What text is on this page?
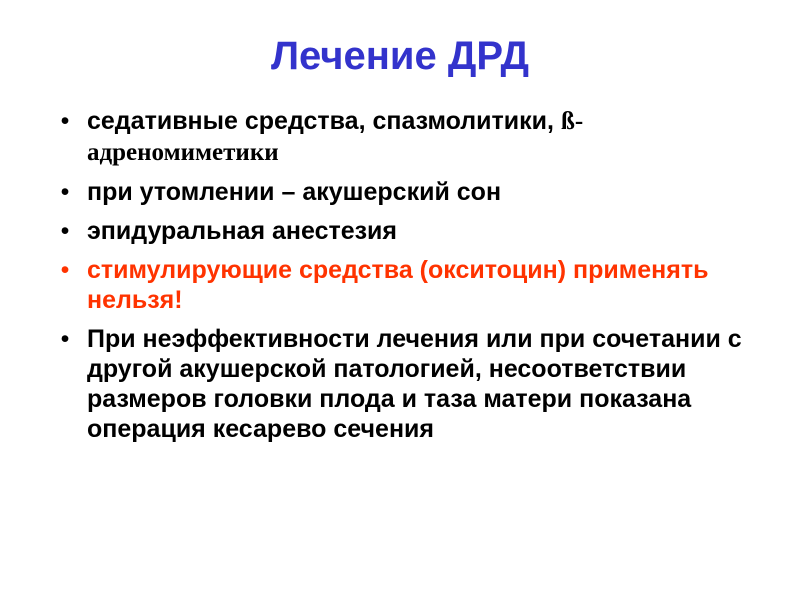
Лечение ДРД
• седативные средства, спазмолитики, ß-адреномиметики
• при утомлении – акушерский сон
• эпидуральная анестезия
• стимулирующие средства (окситоцин) применять нельзя!
• При неэффективности лечения или при сочетании с другой акушерской патологией, несоответствии размеров головки плода и таза матери показана операция кесарево сечения
